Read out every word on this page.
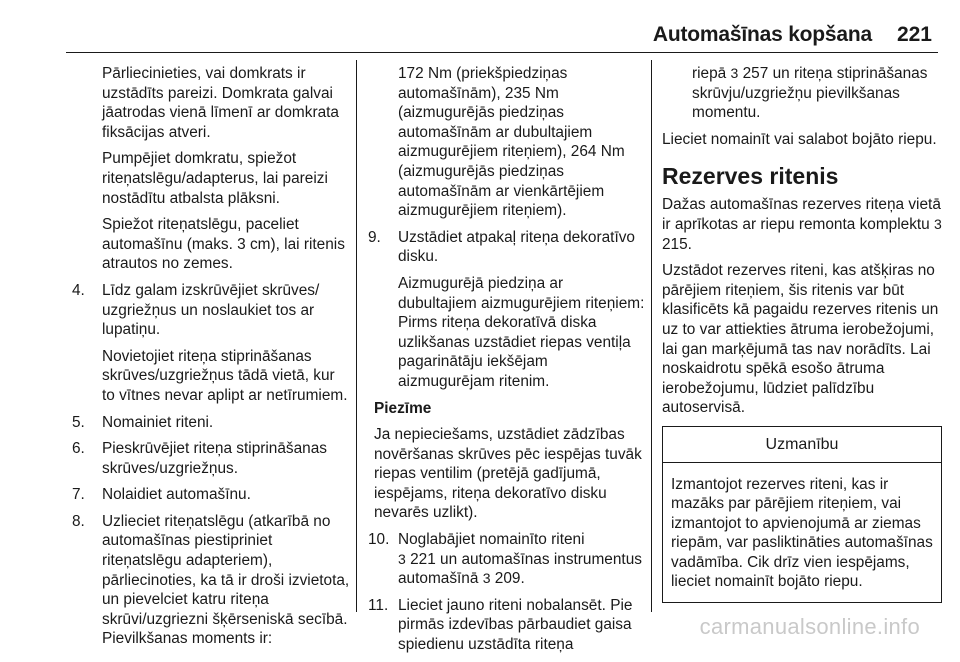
Automašīnas kopšana 221

Pārliecinieties, vai domkrats ir uzstādīts pareizi. Domkrata galvai jāatrodas vienā līmenī ar domkrata fiksācijas atveri.

Pumpējiet domkratu, spiežot riteņatslēgu/adapterus, lai pareizi nostādītu atbalsta plāksni.

Spiežot riteņatslēgu, paceliet automašīnu (maks. 3 cm), lai ritenis atrautos no zemes.

4. Līdz galam izskrūvējiet skrūves/ uzgriežņus un noslaukiet tos ar lupatiņu.

Novietojiet riteņa stiprināšanas skrūves/uzgriežņus tādā vietā, kur to vītnes nevar aplipt ar netīrumiem.

5. Nomainiet riteni.
6. Pieskrūvējiet riteņa stiprināšanas skrūves/uzgriežņus.
7. Nolaidiet automašīnu.
8. Uzlieciet riteņatslēgu (atkarībā no automašīnas piestipriniet riteņatslēgu adapteriem), pārliecinoties, ka tā ir droši izvietota, un pievelciet katru riteņa skrūvi/uzgriezni šķērseniskā secībā. Pievilkšanas moments ir:

172 Nm (priekšpiedziņas automašīnām), 235 Nm (aizmugurējās piedziņas automašīnām ar dubultajiem aizmugurējiem riteņiem), 264 Nm (aizmugurējās piedziņas automašīnām ar vienkārtējiem aizmugurējiem riteņiem).

9. Uzstādiet atpakaļ riteņa dekoratīvo disku.

Aizmugurējā piedziņa ar dubultajiem aizmugurējiem riteņiem: Pirms riteņa dekoratīvā diska uzlikšanas uzstādiet riepas ventiļa pagarinātāju iekšējam aizmugurējam ritenim.

Piezīme

Ja nepieciešams, uzstādiet zādzības novēršanas skrūves pēc iespējas tuvāk riepas ventilim (pretējā gadījumā, iespējams, riteņa dekoratīvo disku nevarēs uzlikt).

10. Noglabājiet nomainīto riteni
3 221 un automašīnas instrumentus automašīnā 3 209.
11. Lieciet jauno riteni nobalansēt. Pie pirmās izdevības pārbaudiet gaisa spiedienu uzstādīta riteņa

riepā 3 257 un riteņa stiprināšanas skrūvju/uzgriežņu pievilkšanas momentu.

Lieciet nomainīt vai salabot bojāto riepu.

Rezerves ritenis

Dažas automašīnas rezerves riteņa vietā ir aprīkotas ar riepu remonta komplektu 3 215.

Uzstādot rezerves riteni, kas atšķiras no pārējiem riteņiem, šis ritenis var būt klasificēts kā pagaidu rezerves ritenis un uz to var attiekties ātruma ierobežojumi, lai gan marķējumā tas nav norādīts. Lai noskaidrotu spēkā esošo ātruma ierobežojumu, lūdziet palīdzību autoservisā.

Uzmanību
Izmantojot rezerves riteni, kas ir mazāks par pārējiem riteņiem, vai izmantojot to apvienojumā ar ziemas riepām, var pasliktināties automašīnas vadāmība. Cik drīz vien iespējams, lieciet nomainīt bojāto riepu.
carmanualsonline.info
